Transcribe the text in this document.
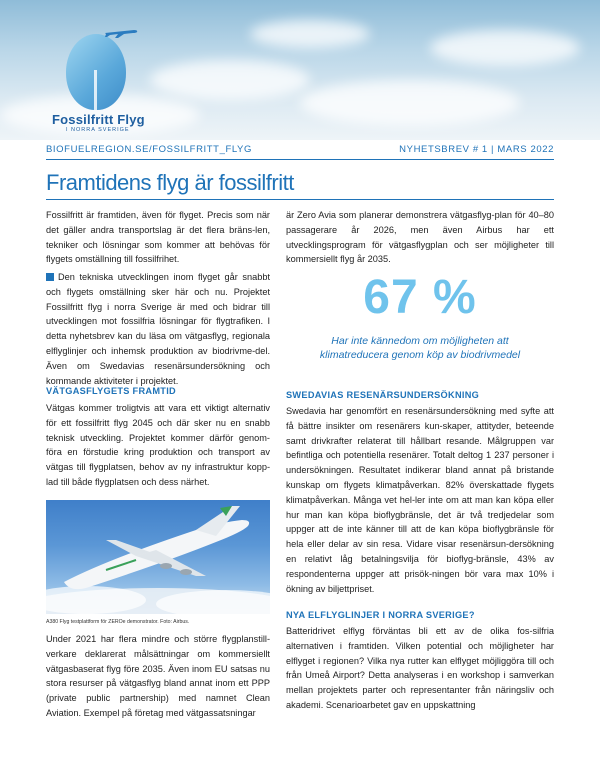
Fossilfritt Flyg
I NORRA SVERIGE
BIOFUELREGION.SE/FOSSILFRITT_FLYG	NYHETSBREV # 1 | MARS 2022
Framtidens flyg är fossilfritt

Fossilfritt är framtiden, även för flyget. Precis som när det gäller andra transportslag är det flera bräns-len, tekniker och lösningar som kommer att behövas för flygets omställning till fossilfrihet.

Den tekniska utvecklingen inom flyget går snabbt och flygets omställning sker här och nu. Projektet Fossilfritt flyg i norra Sverige är med och bidrar till utvecklingen mot fossilfria lösningar för flygtrafiken. I detta nyhetsbrev kan du läsa om vätgasflyg, regionala elflyglinjer och inhemsk produktion av biodrivme-del. Även om Swedavias resenärsundersökning och kommande aktiviteter i projektet.
VÄTGASFLYGETS FRAMTID

Vätgas kommer troligtvis att vara ett viktigt alternativ för ett fossilfritt flyg 2045 och där sker nu en snabb teknisk utveckling. Projektet kommer därför genom-föra en förstudie kring produktion och transport av vätgas till flygplatsen, behov av ny infrastruktur kopp-lad till både flygplatsen och dess närhet.

A380 Flyg testplattform för ZEROe demonstrator. Foto: Airbus.

Under 2021 har flera mindre och större flygplanstill-verkare deklarerat målsättningar om kommersiellt vätgasbaserat flyg före 2035. Även inom EU satsas nu stora resurser på vätgasflyg bland annat inom ett PPP (private public partnership) med namnet Clean Aviation. Exempel på företag med vätgassatsningar

är Zero Avia som planerar demonstrera vätgasflyg-plan för 40–80 passagerare år 2026, men även Airbus har ett utvecklingsprogram för vätgasflygplan och ser möjligheter till kommersiellt flyg år 2035.

67 %
Har inte kännedom om möjligheten att klimatreducera genom köp av biodrivmedel
SWEDAVIAS RESENÄRSUNDERSÖKNING

Swedavia har genomfört en resenärsundersökning med syfte att få bättre insikter om resenärers kun-skaper, attityder, beteende samt drivkrafter relaterat till hållbart resande. Målgruppen var befintliga och potentiella resenärer. Totalt deltog 1 237 personer i undersökningen. Resultatet indikerar bland annat på bristande kunskap om flygets klimatpåverkan. 82% överskattade flygets klimatpåverkan. Många vet hel-ler inte om att man kan köpa eller hur man kan köpa bioflygbränsle, det är två tredjedelar som uppger att de inte känner till att de kan köpa bioflygbränsle för hela eller delar av sin resa. Vidare visar resenärsun-dersökning en relativt låg betalningsvilja för bioflyg-bränsle, 43% av respondenterna uppger att prisök-ningen bör vara max 10% i ökning av biljettpriset.

NYA ELFLYGLINJER I NORRA SVERIGE?

Batteridrivet elflyg förväntas bli ett av de olika fos-silfria alternativen i framtiden. Vilken potential och möjligheter har elflyget i regionen? Vilka nya rutter kan elflyget möjliggöra till och från Umeå Airport? Detta analyseras i en workshop i samverkan mellan projektets parter och representanter från näringsliv och akademi. Scenarioarbetet gav en uppskattning
